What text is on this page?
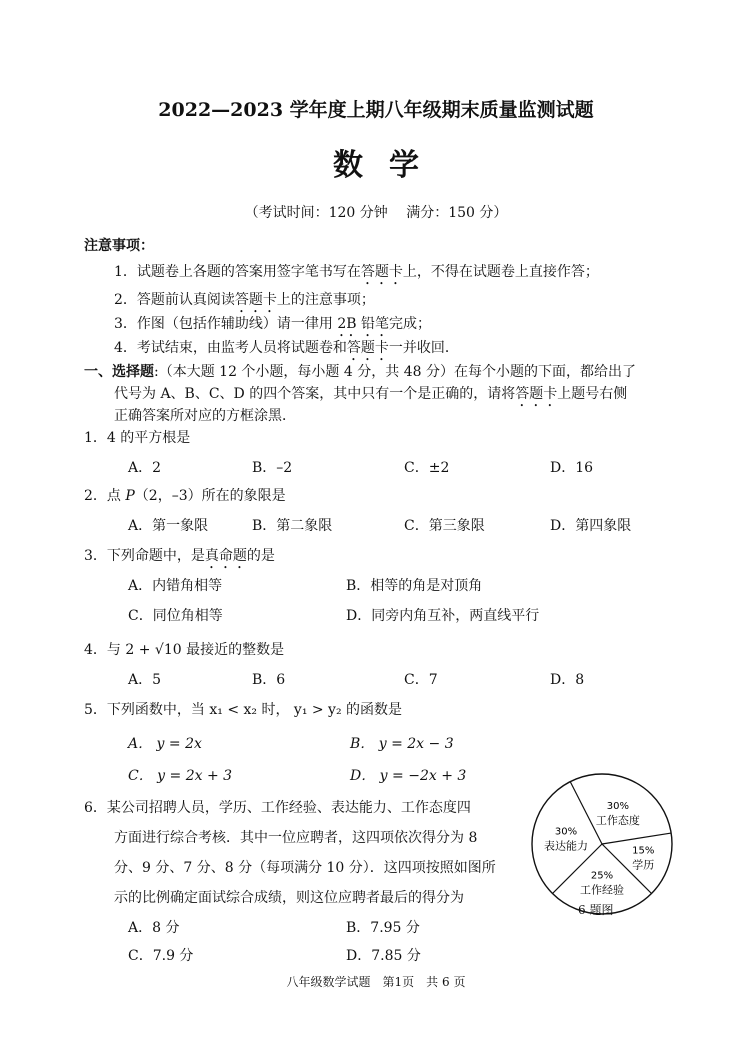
2022—2023 学年度上期八年级期末质量监测试题
数学
（考试时间：120 分钟　 满分：150 分）
注意事项：
1．试题卷上各题的答案用签字笔书写在答题卡上，不得在试题卷上直接作答；
2．答题前认真阅读答题卡上的注意事项；
3．作图（包括作辅助线）请一律用 2B 铅笔完成；
4．考试结束，由监考人员将试题卷和答题卡一并收回．
一、选择题:（本大题 12 个小题，每小题 4 分，共 48 分）在每个小题的下面，都给出了
代号为 A、B、C、D 的四个答案，其中只有一个是正确的，请将答题卡上题号右侧
正确答案所对应的方框涂黑．
1．4 的平方根是
A．2	B．–2	C．±2	D．16
2．点 P（2，–3）所在的象限是
A．第一象限	B．第二象限	C．第三象限	D．第四象限
3．下列命题中，是真命题的是
A．内错角相等	B．相等的角是对顶角
C．同位角相等	D．同旁内角互补，两直线平行
4．与 2 + √10 最接近的整数是
A．5	B．6	C．7	D．8
5．下列函数中，当 x₁ < x₂ 时， y₁ > y₂ 的函数是
A． y = 2x	B． y = 2x − 3
C． y = 2x + 3	D． y = −2x + 3
6．某公司招聘人员，学历、工作经验、表达能力、工作态度四
方面进行综合考核．其中一位应聘者，这四项依次得分为 8
分、9 分、7 分、8 分（每项满分 10 分）．这四项按照如图所
示的比例确定面试综合成绩，则这位应聘者最后的得分为
A．8 分	B．7.95 分
C．7.9 分	D．7.85 分
30%
工作态度
15%
学历
25%
工作经验
30%
表达能力
6 题图
八年级数学试题　第1页　共 6 页
